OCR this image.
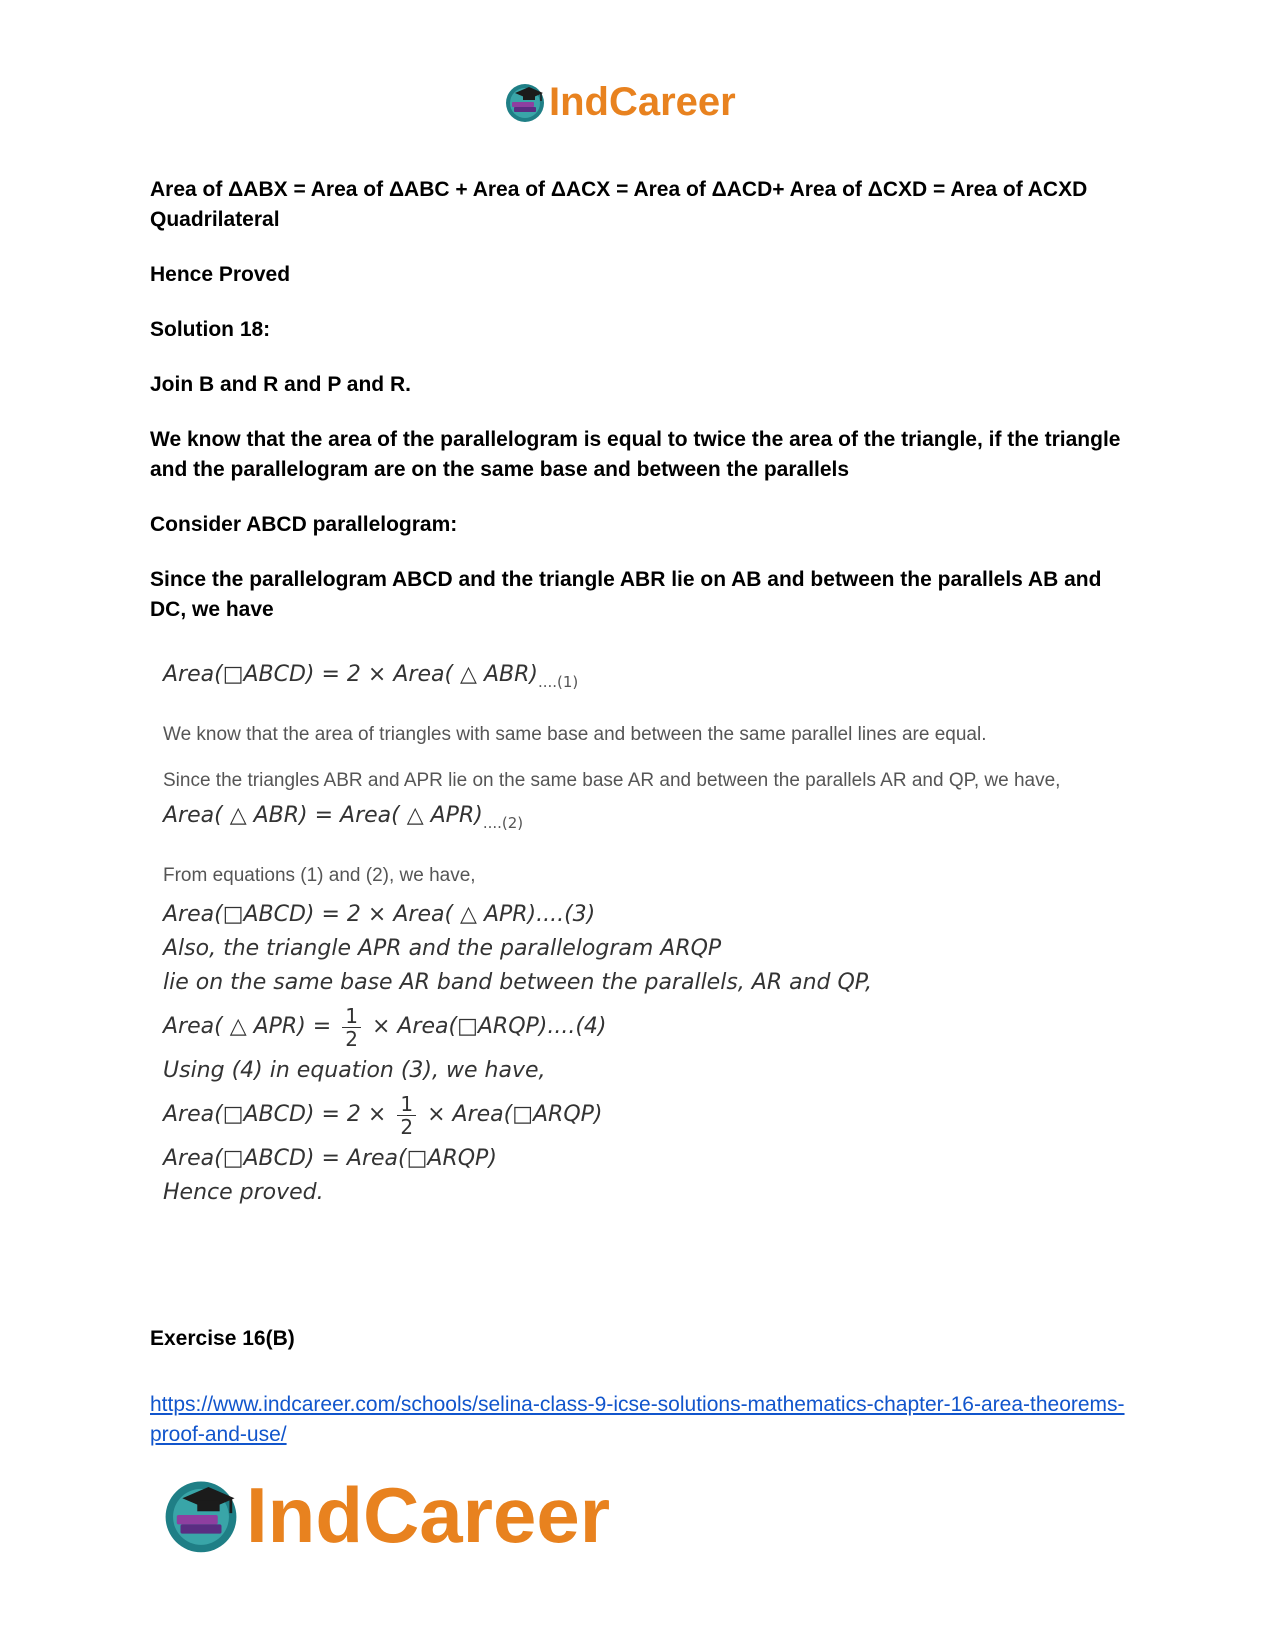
IndCareer

Area of ΔABX = Area of ΔABC + Area of ΔACX = Area of ΔACD+ Area of ΔCXD = Area of ACXD Quadrilateral

Hence Proved

Solution 18:

Join B and R and P and R.

We know that the area of the parallelogram is equal to twice the area of the triangle, if the triangle and the parallelogram are on the same base and between the parallels

Consider ABCD parallelogram:

Since the parallelogram ABCD and the triangle ABR lie on AB and between the parallels AB and DC, we have

Area(□ABCD) = 2 × Area( △ $ABR)_{....(1)}$

We know that the area of triangles with same base and between the same parallel lines are equal.

Since the triangles ABR and APR lie on the same base AR and between the parallels AR and QP, we have,

Area( △ ABR) = Area( △ $APR)_{....(2)}$

From equations (1) and (2), we have,

Area(□ABCD) = 2 × Area( △ APR)....(3)

Also, the triangle APR and the parallelogram ARQP

lie on the same base AR band between the parallels, AR and QP,

Area( △ $APR) = \frac{1}{2}$ × Area(□ARQP)....(4)

Using (4) in equation (3), we have,

Area(□ABCD) = $2 \times \frac{1}{2}$ × Area(□ARQP)

Area(□ABCD) = Area(□ARQP)

Hence proved.

Exercise 16(B)
https://www.indcareer.com/schools/selina-class-9-icse-solutions-mathematics-chapter-16-area-theorems-proof-and-use/
IndCareer
